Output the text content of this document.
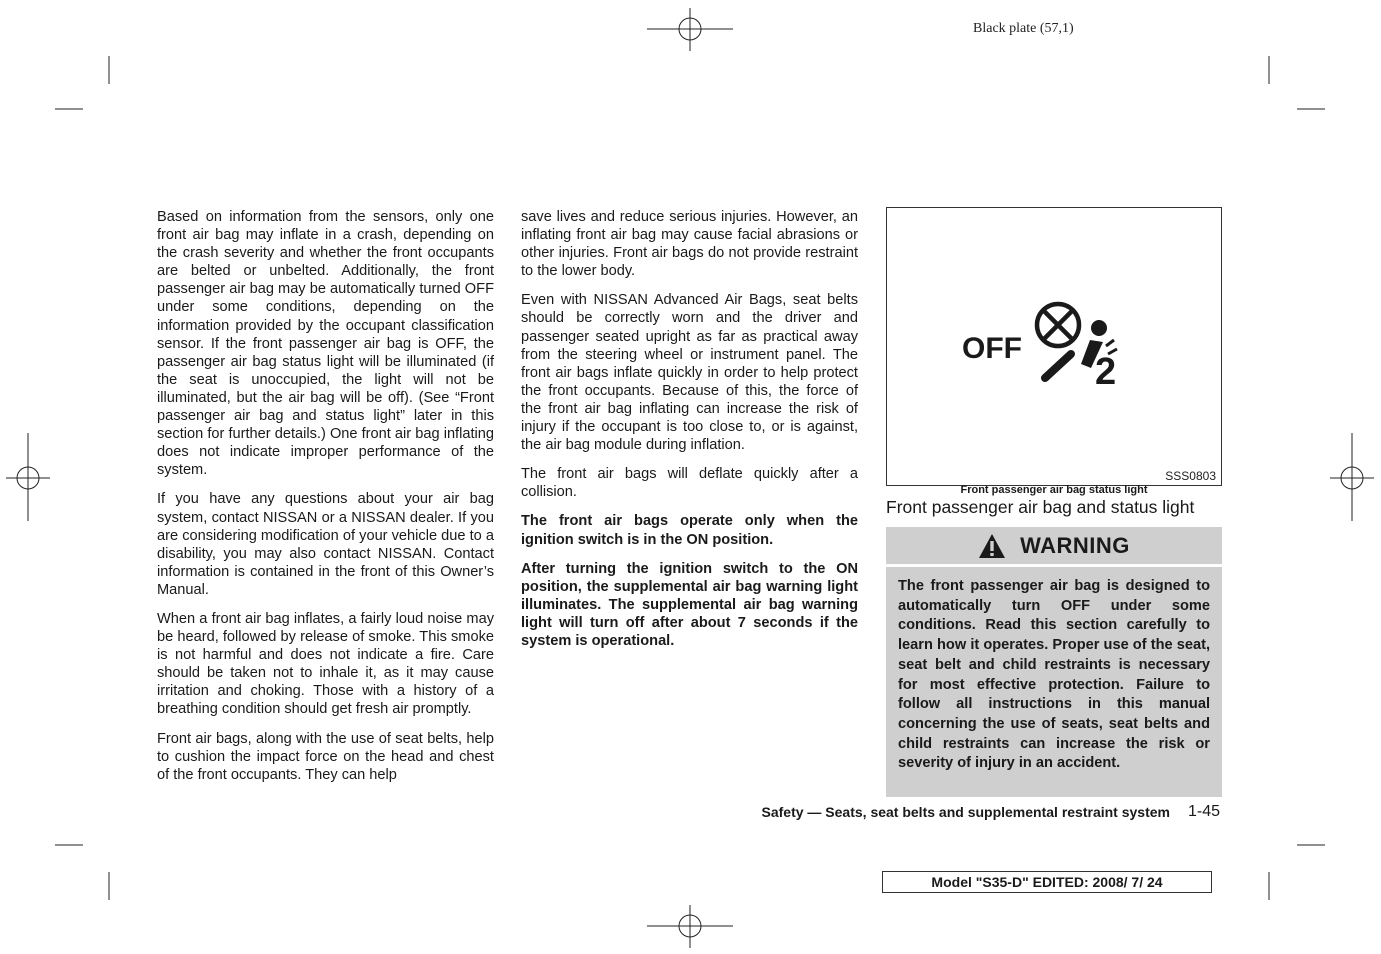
Black plate (57,1)

Based on information from the sensors, only one front air bag may inflate in a crash, depending on the crash severity and whether the front occupants are belted or unbelted. Additionally, the front passenger air bag may be automatically turned OFF under some conditions, depending on the information provided by the occupant classification sensor. If the front passenger air bag is OFF, the passenger air bag status light will be illuminated (if the seat is unoccupied, the light will not be illuminated, but the air bag will be off). (See “Front passenger air bag and status light” later in this section for further details.) One front air bag inflating does not indicate improper performance of the system.

If you have any questions about your air bag system, contact NISSAN or a NISSAN dealer. If you are considering modification of your vehicle due to a disability, you may also contact NISSAN. Contact information is contained in the front of this Owner’s Manual.

When a front air bag inflates, a fairly loud noise may be heard, followed by release of smoke. This smoke is not harmful and does not indicate a fire. Care should be taken not to inhale it, as it may cause irritation and choking. Those with a history of a breathing condition should get fresh air promptly.

Front air bags, along with the use of seat belts, help to cushion the impact force on the head and chest of the front occupants. They can help

save lives and reduce serious injuries. However, an inflating front air bag may cause facial abrasions or other injuries. Front air bags do not provide restraint to the lower body.

Even with NISSAN Advanced Air Bags, seat belts should be correctly worn and the driver and passenger seated upright as far as practical away from the steering wheel or instrument panel. The front air bags inflate quickly in order to help protect the front occupants. Because of this, the force of the front air bag inflating can increase the risk of injury if the occupant is too close to, or is against, the air bag module during inflation.

The front air bags will deflate quickly after a collision.

The front air bags operate only when the ignition switch is in the ON position.

After turning the ignition switch to the ON position, the supplemental air bag warning light illuminates. The supplemental air bag warning light will turn off after about 7 seconds if the system is operational.

OFF
2
SSS0803
Front passenger air bag status light
Front passenger air bag and status light
WARNING
The front passenger air bag is designed to automatically turn OFF under some conditions. Read this section carefully to learn how it operates. Proper use of the seat, seat belt and child restraints is necessary for most effective protection. Failure to follow all instructions in this manual concerning the use of seats, seat belts and child restraints can increase the risk or severity of injury in an accident.
Safety — Seats, seat belts and supplemental restraint system 1-45
Model "S35-D" EDITED: 2008/ 7/ 24
